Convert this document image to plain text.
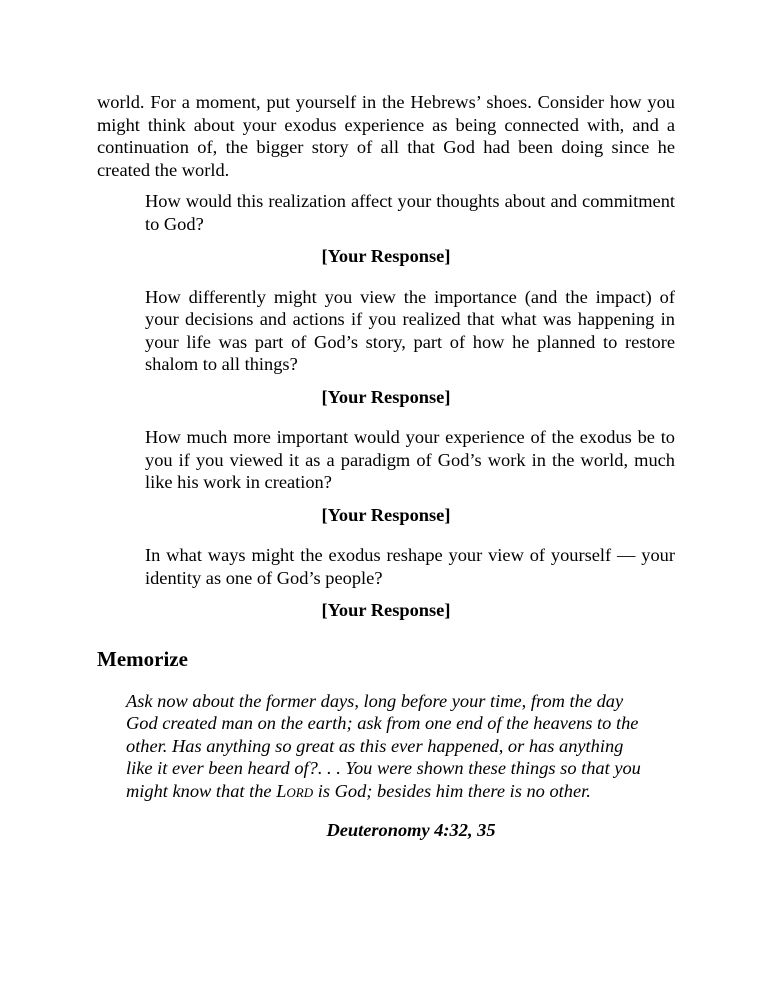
world. For a moment, put yourself in the Hebrews’ shoes. Consider how you might think about your exodus experience as being connected with, and a continuation of, the bigger story of all that God had been doing since he created the world.

How would this realization affect your thoughts about and commitment to God?

[Your Response]

How differently might you view the importance (and the impact) of your decisions and actions if you realized that what was happening in your life was part of God’s story, part of how he planned to restore shalom to all things?

[Your Response]

How much more important would your experience of the exodus be to you if you viewed it as a paradigm of God’s work in the world, much like his work in creation?

[Your Response]

In what ways might the exodus reshape your view of yourself — your identity as one of God’s people?

[Your Response]

Memorize

Ask now about the former days, long before your time, from the day God created man on the earth; ask from one end of the heavens to the other. Has anything so great as this ever happened, or has anything like it ever been heard of?. . . You were shown these things so that you might know that the Lord is God; besides him there is no other.

Deuteronomy 4:32, 35
